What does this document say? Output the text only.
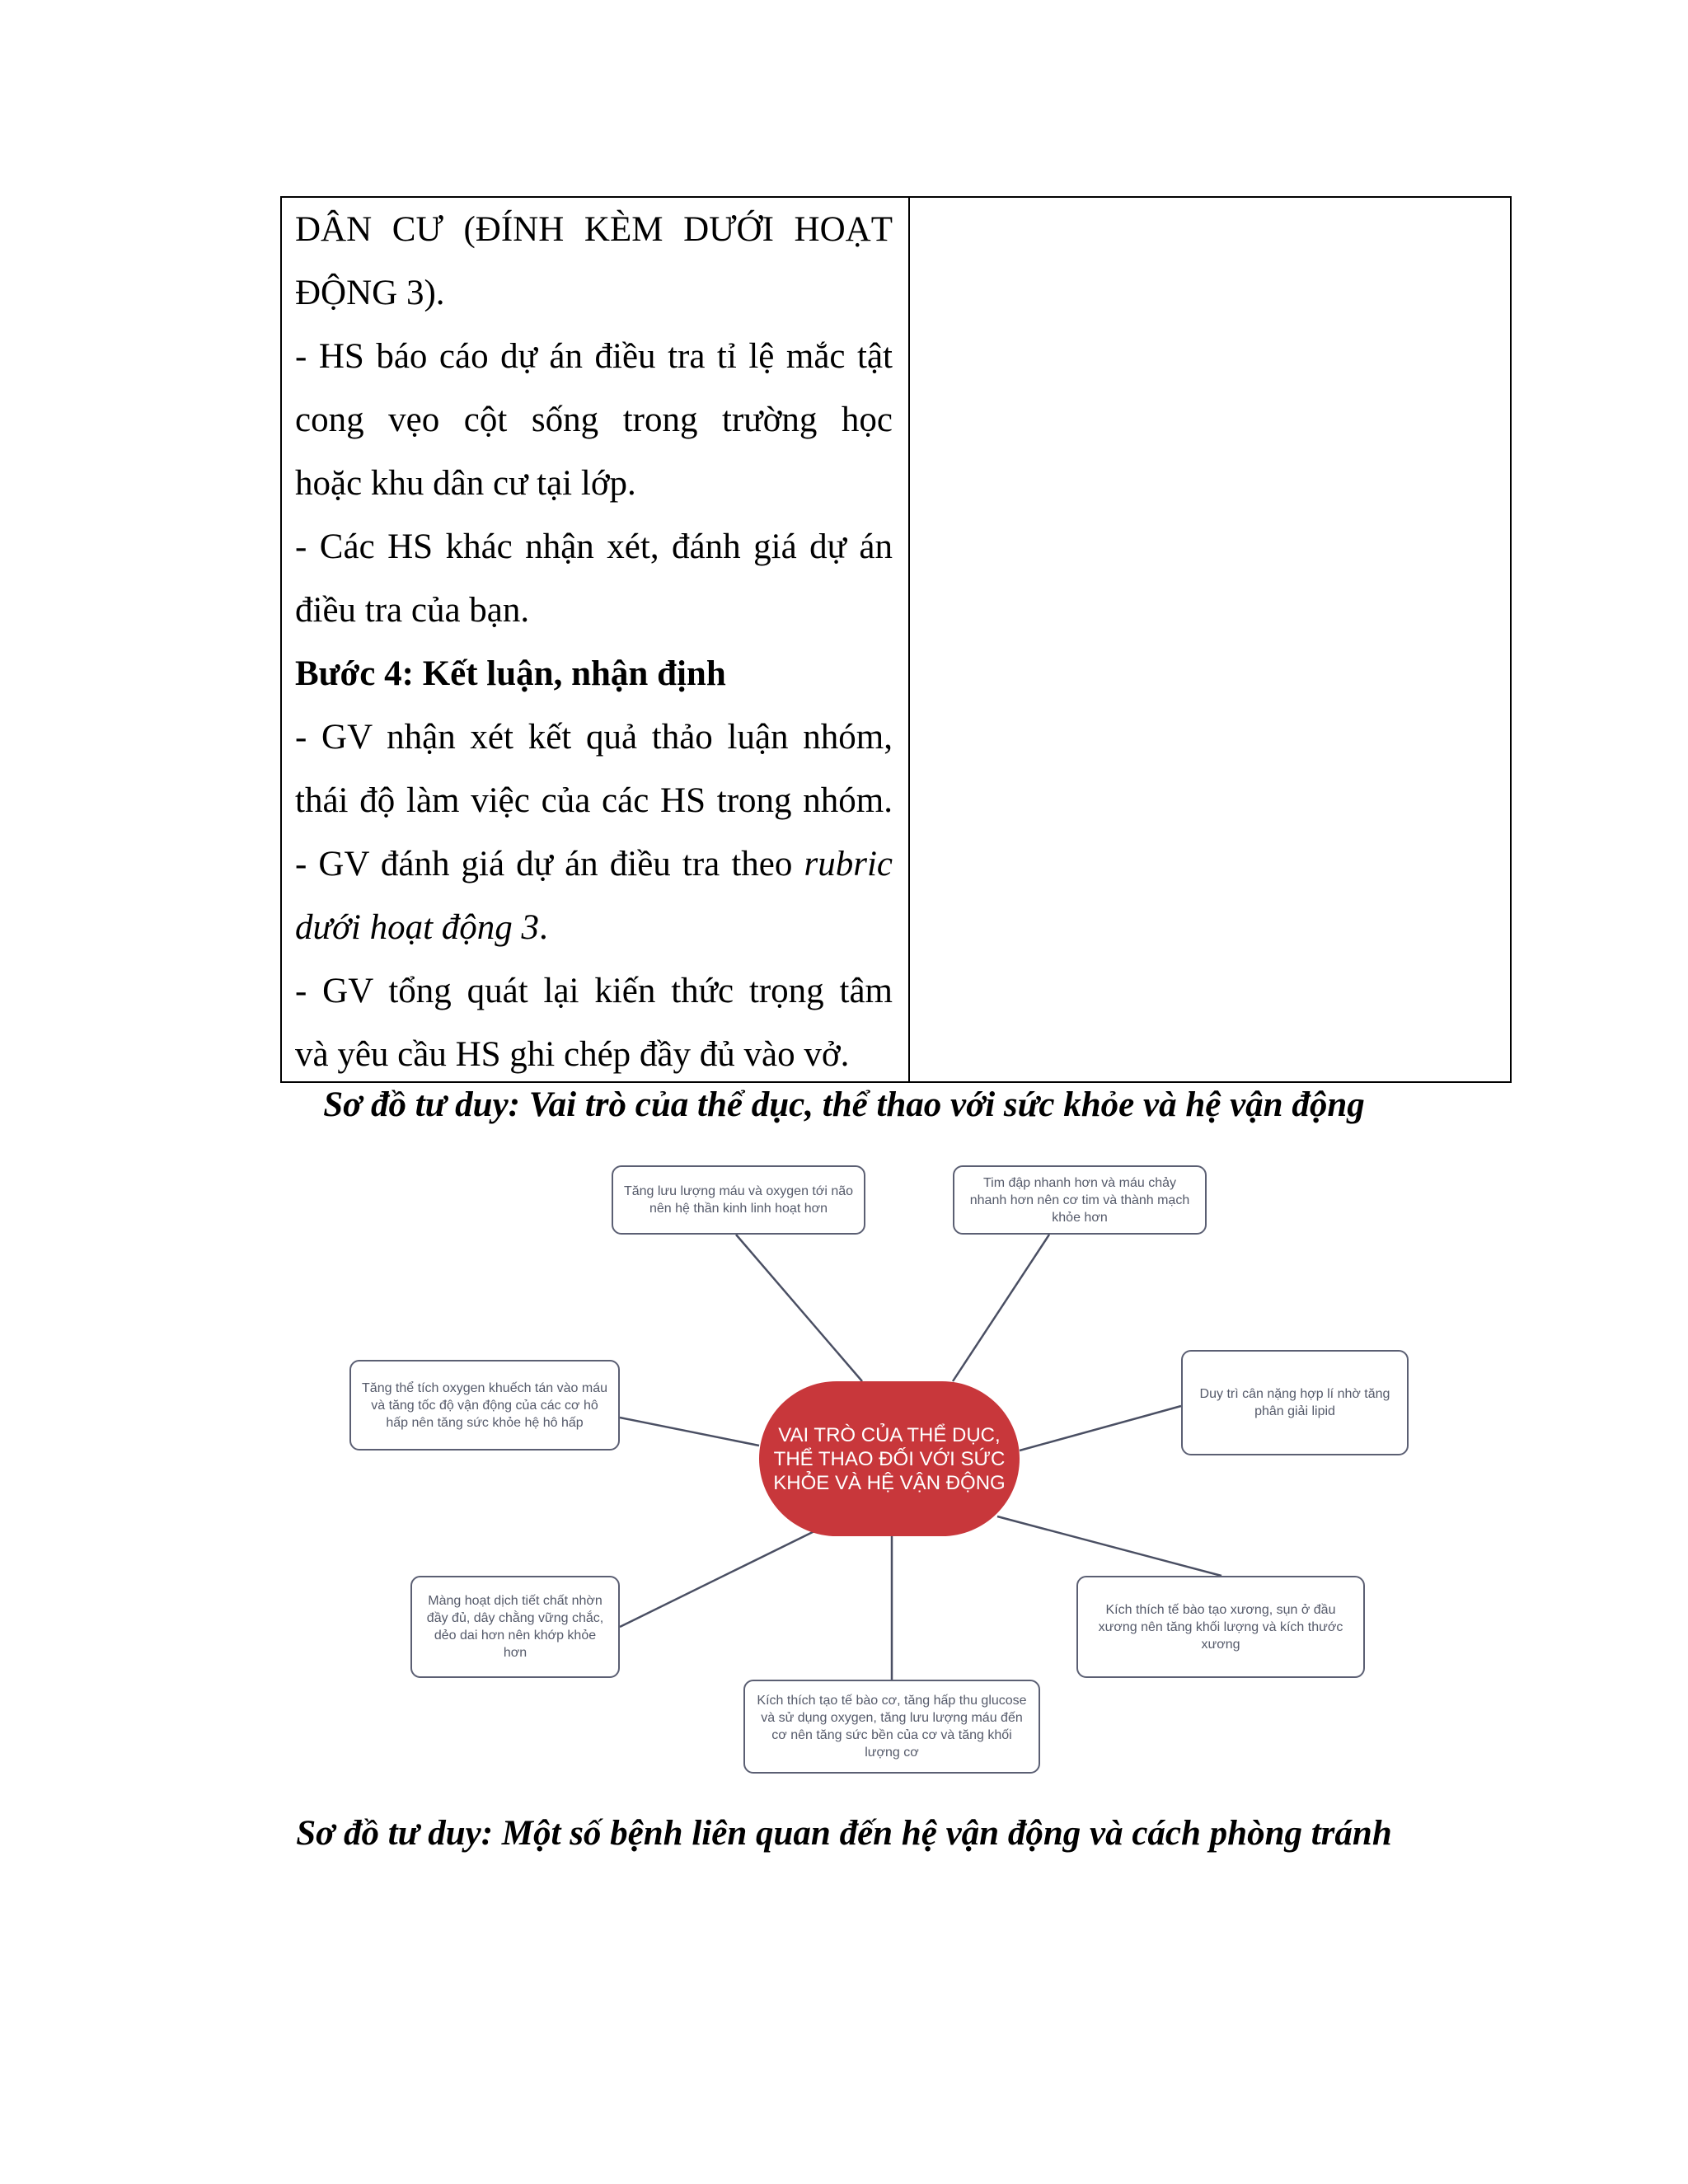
DÂN CƯ (ĐÍNH KÈM DƯỚI HOẠT
ĐỘNG 3).
- HS báo cáo dự án điều tra tỉ lệ mắc tật
cong vẹo cột sống trong trường học
hoặc khu dân cư tại lớp.
- Các HS khác nhận xét, đánh giá dự án
điều tra của bạn.
Bước 4: Kết luận, nhận định
- GV nhận xét kết quả thảo luận nhóm,
thái độ làm việc của các HS trong nhóm.
- GV đánh giá dự án điều tra theo rubric
dưới hoạt động 3.
- GV tổng quát lại kiến thức trọng tâm
và yêu cầu HS ghi chép đầy đủ vào vở.
Sơ đồ tư duy: Vai trò của thể dục, thể thao với sức khỏe và hệ vận động
VAI TRÒ CỦA THỂ DỤC, THỂ THAO ĐỐI VỚI SỨC KHỎE VÀ HỆ VẬN ĐỘNG
Tăng lưu lượng máu và oxygen tới não nên hệ thần kinh linh hoạt hơn
Tim đập nhanh hơn và máu chảy nhanh hơn nên cơ tim và thành mạch khỏe hơn
Tăng thể tích oxygen khuếch tán vào máu và tăng tốc độ vận động của các cơ hô hấp nên tăng sức khỏe hệ hô hấp
Duy trì cân nặng hợp lí nhờ tăng phân giải lipid
Màng hoạt dịch tiết chất nhờn đầy đủ, dây chằng vững chắc, dẻo dai hơn nên khớp khỏe hơn
Kích thích tế bào tạo xương, sụn ở đầu xương nên tăng khối lượng và kích thước xương
Kích thích tạo tế bào cơ, tăng hấp thu glucose và sử dụng oxygen, tăng lưu lượng máu đến cơ nên tăng sức bền của cơ và tăng khối lượng cơ
Sơ đồ tư duy: Một số bệnh liên quan đến hệ vận động và cách phòng tránh
